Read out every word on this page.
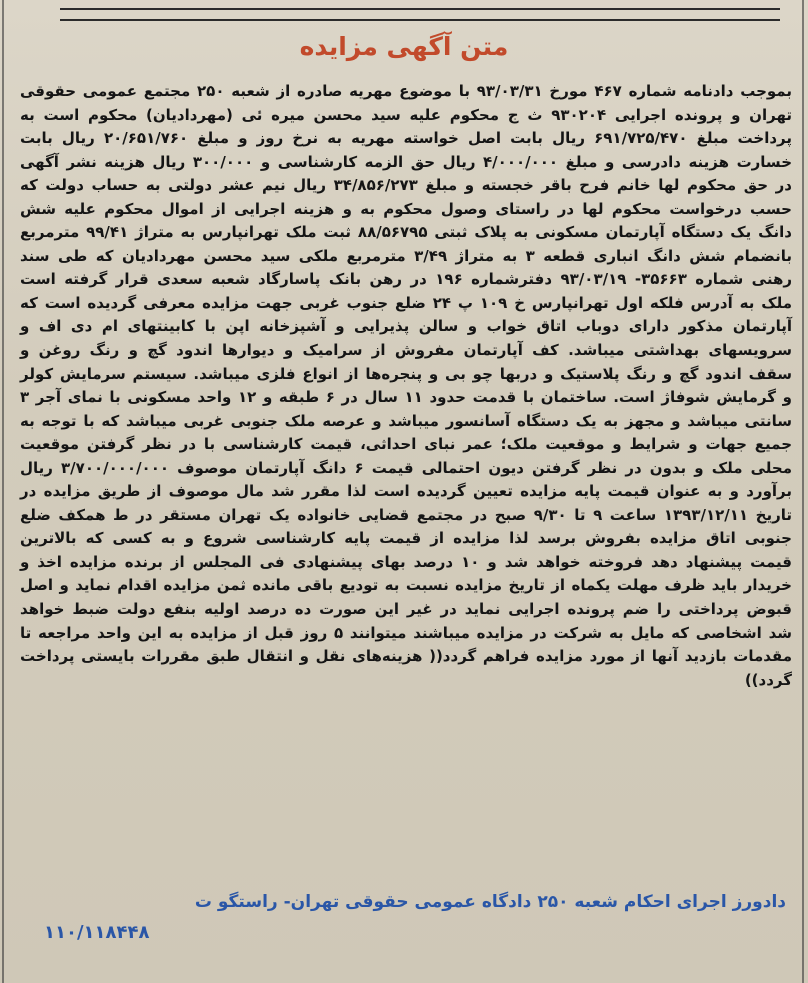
متن آگهی مزایده
بموجب دادنامه شماره ۴۶۷ مورخ ۹۳/۰۳/۳۱ با موضوع مهریه صادره از شعبه ۲۵۰ مجتمع عمومی حقوقی تهران و پرونده اجرایی ۹۳۰۲۰۴ ث ج محکوم علیه سید محسن میره ئی (مهردادیان) محکوم است به پرداخت مبلغ ۶۹۱/۷۲۵/۴۷۰ ریال بابت اصل خواسته مهریه به نرخ روز و مبلغ ۲۰/۶۵۱/۷۶۰ ریال بابت خسارت هزینه دادرسی و مبلغ ۴/۰۰۰/۰۰۰ ریال حق الزمه کارشناسی و ۳۰۰/۰۰۰ ریال هزینه نشر آگهی در حق محکوم لها خانم فرح باقر خجسته و مبلغ ۳۴/۸۵۶/۲۷۳ ریال نیم عشر دولتی به حساب دولت که حسب درخواست محکوم لها در راستای وصول محکوم به و هزینه اجرایی از اموال محکوم علیه شش دانگ یک دستگاه آپارتمان مسکونی به پلاک ثبتی ۸۸/۵۶۷۹۵ ثبت ملک تهرانپارس به متراژ ۹۹/۴۱ مترمربع بانضمام شش دانگ انباری قطعه ۳ به متراژ ۳/۴۹ مترمربع ملکی سید محسن مهردادیان که طی سند رهنی شماره ۳۵۶۶۳- ۹۳/۰۳/۱۹ دفترشماره ۱۹۶ در رهن بانک پاسارگاد شعبه سعدی قرار گرفته است ملک به آدرس فلکه اول تهرانپارس خ ۱۰۹ پ ۲۴ ضلع جنوب غربی جهت مزایده معرفی گردیده است که آپارتمان مذکور دارای دوباب اتاق خواب و سالن پذیرایی و آشپزخانه اپن با کابینتهای ام دی اف و سرویسهای بهداشتی میباشد. کف آپارتمان مفروش از سرامیک و دیوارها اندود گچ و رنگ روغن و سقف اندود گچ و رنگ پلاستیک و دربها چو بی و پنجره‌ها از انواع فلزی میباشد. سیستم سرمایش کولر و گرمایش شوفاژ است. ساختمان با قدمت حدود ۱۱ سال در ۶ طبقه و ۱۲ واحد مسکونی با نمای آجر ۳ سانتی میباشد و مجهز به یک دستگاه آسانسور میباشد و عرصه ملک جنوبی غربی میباشد که با توجه به جمیع جهات و شرایط و موقعیت ملک؛ عمر نبای احداثی، قیمت کارشناسی با در نظر گرفتن موقعیت محلی ملک و بدون در نظر گرفتن دیون احتمالی قیمت ۶ دانگ آپارتمان موصوف ۳/۷۰۰/۰۰۰/۰۰۰ ریال برآورد و به عنوان قیمت پایه مزایده تعیین گردیده است لذا مقرر شد مال موصوف از طریق مزایده در تاریخ ۱۳۹۳/۱۲/۱۱ ساعت ۹ تا ۹/۳۰ صبح در مجتمع قضایی خانواده یک تهران مستقر در ط همکف ضلع جنوبی اتاق مزایده بفروش برسد لذا مزایده از قیمت پایه کارشناسی شروع و به کسی که بالاترین قیمت پیشنهاد دهد فروخته خواهد شد و ۱۰ درصد بهای پیشنهادی فی المجلس از برنده مزایده اخذ و خریدار باید ظرف مهلت یکماه از تاریخ مزایده نسبت به تودیع باقی مانده ثمن مزایده اقدام نماید و اصل قبوض پرداختی را ضم پرونده اجرایی نماید در غیر این صورت ده درصد اولیه بنفع دولت ضبط خواهد شد اشخاصی که مایل به شرکت در مزایده میباشند میتوانند ۵ روز قبل از مزایده به این واحد مراجعه تا مقدمات بازدید آنها از مورد مزایده فراهم گردد(( هزینه‌های نقل و انتقال طبق مقررات بایستی پرداخت گردد))
دادورز اجرای احکام شعبه ۲۵۰ دادگاه عمومی حقوقی تهران- راستگو ت
۱۱۰/۱۱۸۴۴۸
